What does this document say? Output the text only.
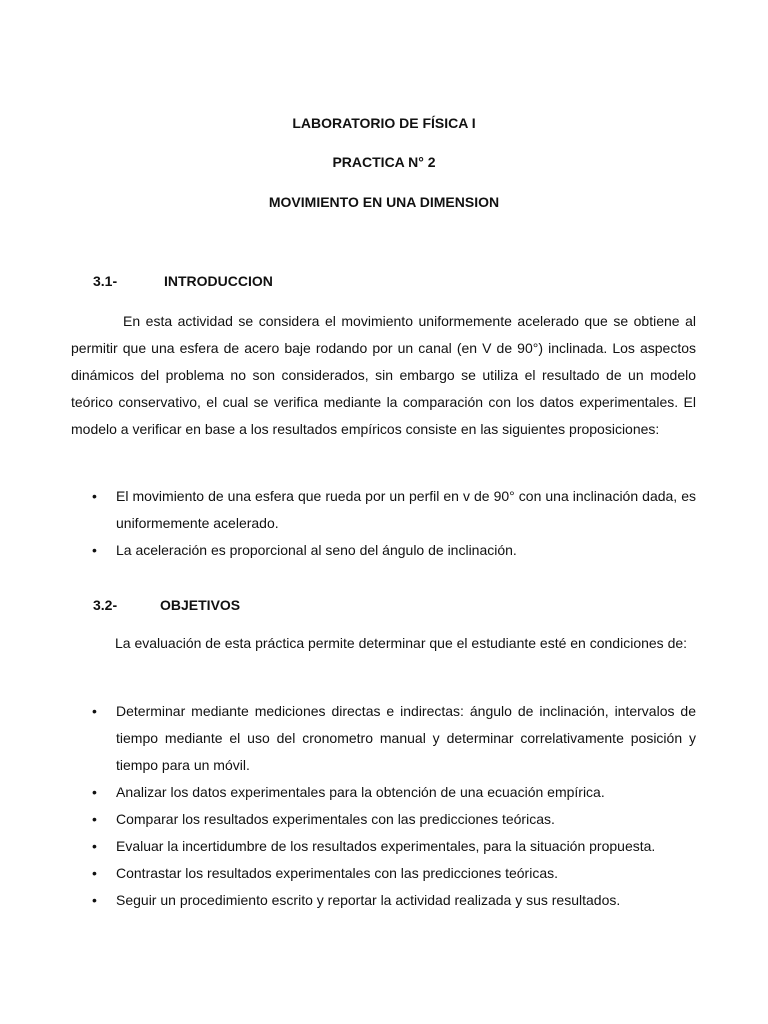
LABORATORIO DE FÍSICA I
PRACTICA N° 2
MOVIMIENTO EN UNA DIMENSION
3.1-	INTRODUCCION

En esta actividad se considera el movimiento uniformemente acelerado que se obtiene al permitir que una esfera de acero baje rodando por un canal (en V de 90°) inclinada. Los aspectos dinámicos del problema no son considerados, sin embargo se utiliza el resultado de un modelo teórico conservativo, el cual se verifica mediante la comparación con los datos experimentales. El modelo a verificar en base a los resultados empíricos consiste en las siguientes proposiciones:

• El movimiento de una esfera que rueda por un perfil en v de 90° con una inclinación dada, es uniformemente acelerado.
• La aceleración es proporcional al seno del ángulo de inclinación.
3.2-	OBJETIVOS

La evaluación de esta práctica permite determinar que el estudiante esté en condiciones de:

• Determinar mediante mediciones directas e indirectas: ángulo de inclinación, intervalos de tiempo mediante el uso del cronometro manual y determinar correlativamente posición y tiempo para un móvil.
• Analizar los datos experimentales para la obtención de una ecuación empírica.
• Comparar los resultados experimentales con las predicciones teóricas.
• Evaluar la incertidumbre de los resultados experimentales, para la situación propuesta.
• Contrastar los resultados experimentales con las predicciones teóricas.
• Seguir un procedimiento escrito y reportar la actividad realizada y sus resultados.
